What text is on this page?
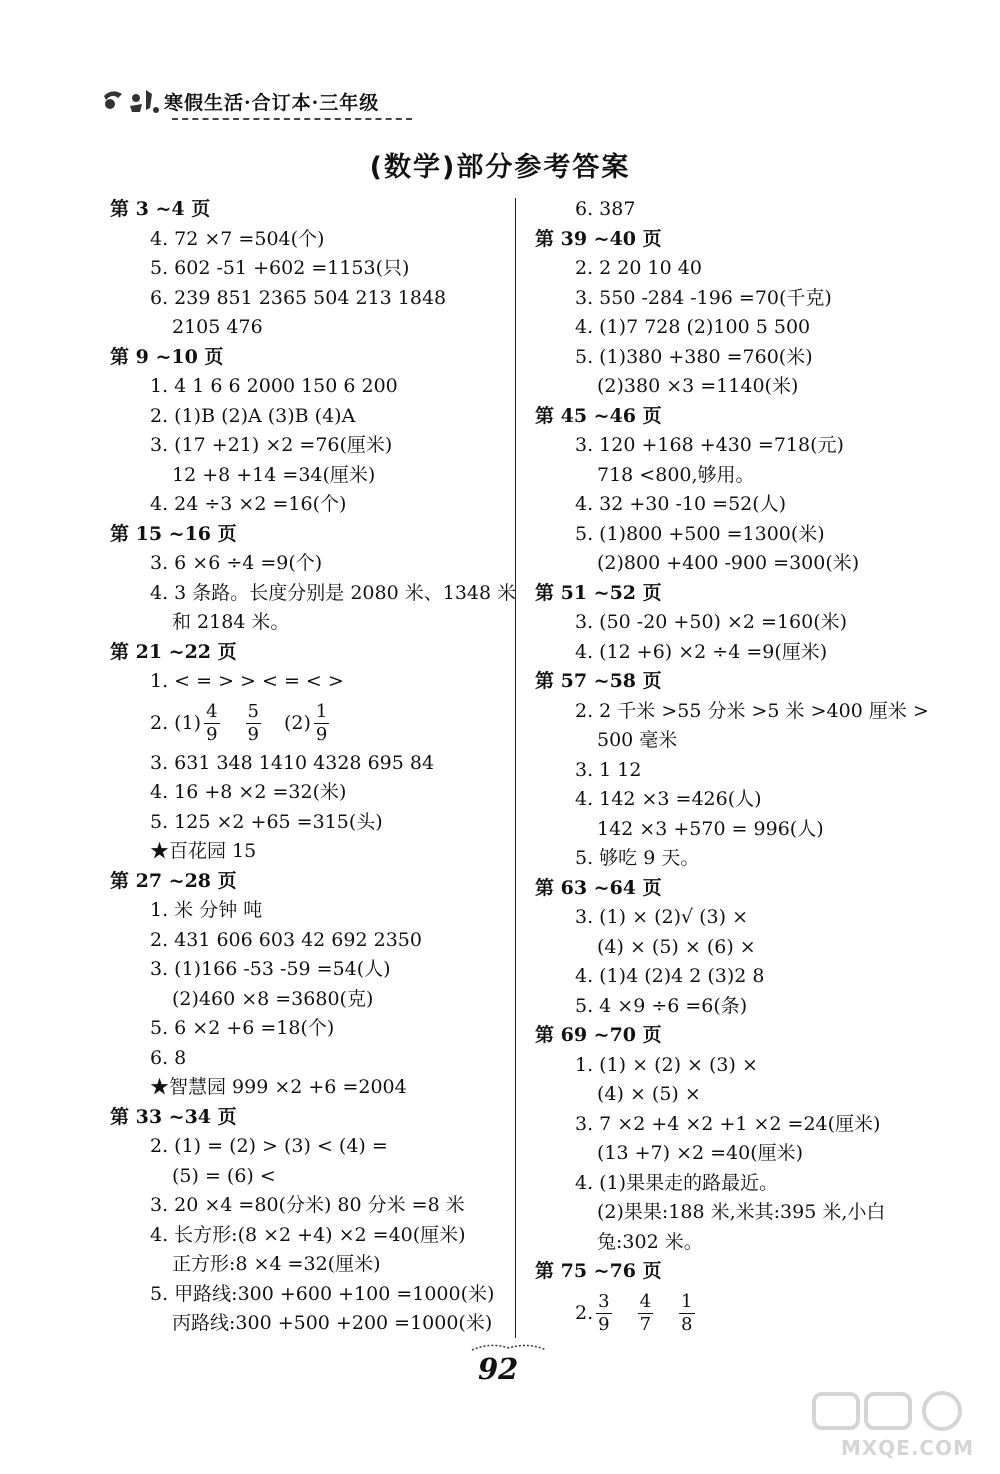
寒假生活·合订本·三年级
(数学)部分参考答案
第 3 ~4 页
4. 72 ×7 =504(个)
5. 602 -51 +602 =1153(只)
6. 239 851 2365 504 213 1848
2105 476
第 9 ~10 页
1. 4 1 6 6 2000 150 6 200
2. (1)B (2)A (3)B (4)A
3. (17 +21) ×2 =76(厘米)
12 +8 +14 =34(厘米)
4. 24 ÷3 ×2 =16(个)
第 15 ~16 页
3. 6 ×6 ÷4 =9(个)
4. 3 条路。长度分别是 2080 米、1348 米
和 2184 米。
第 21 ~22 页
1. < = > > < = < >
2. $(1) \frac{4}{9} \frac{5}{9} (2) \frac{1}{9}$
3. 631 348 1410 4328 695 84
4. 16 +8 ×2 =32(米)
5. 125 ×2 +65 =315(头)
★百花园 15
第 27 ~28 页
1. 米 分钟 吨
2. 431 606 603 42 692 2350
3. (1)166 -53 -59 =54(人)
(2)460 ×8 =3680(克)
5. 6 ×2 +6 =18(个)
6. 8
★智慧园 999 ×2 +6 =2004
第 33 ~34 页
2. (1) = (2) > (3) < (4) =
(5) = (6) <
3. 20 ×4 =80(分米) 80 分米 =8 米
4. 长方形:(8 ×2 +4) ×2 =40(厘米)
正方形:8 ×4 =32(厘米)
5. 甲路线:300 +600 +100 =1000(米)
丙路线:300 +500 +200 =1000(米)
6. 387
第 39 ~40 页
2. 2 20 10 40
3. 550 -284 -196 =70(千克)
4. (1)7 728 (2)100 5 500
5. (1)380 +380 =760(米)
(2)380 ×3 =1140(米)
第 45 ~46 页
3. 120 +168 +430 =718(元)
718 <800,够用。
4. 32 +30 -10 =52(人)
5. (1)800 +500 =1300(米)
(2)800 +400 -900 =300(米)
第 51 ~52 页
3. (50 -20 +50) ×2 =160(米)
4. (12 +6) ×2 ÷4 =9(厘米)
第 57 ~58 页
2. 2 千米 >55 分米 >5 米 >400 厘米 >
500 毫米
3. 1 12
4. 142 ×3 =426(人)
142 ×3 +570 = 996(人)
5. 够吃 9 天。
第 63 ~64 页
3. (1) × (2)√ (3) ×
(4) × (5) × (6) ×
4. (1)4 (2)4 2 (3)2 8
5. 4 ×9 ÷6 =6(条)
第 69 ~70 页
1. (1) × (2) × (3) ×
(4) × (5) ×
3. 7 ×2 +4 ×2 +1 ×2 =24(厘米)
(13 +7) ×2 =40(厘米)
4. (1)果果走的路最近。
(2)果果:188 米,米其:395 米,小白
兔:302 米。
第 75 ~76 页
2. $\frac{3}{9} \frac{4}{7} \frac{1}{8}$
92
MXQE.COM
